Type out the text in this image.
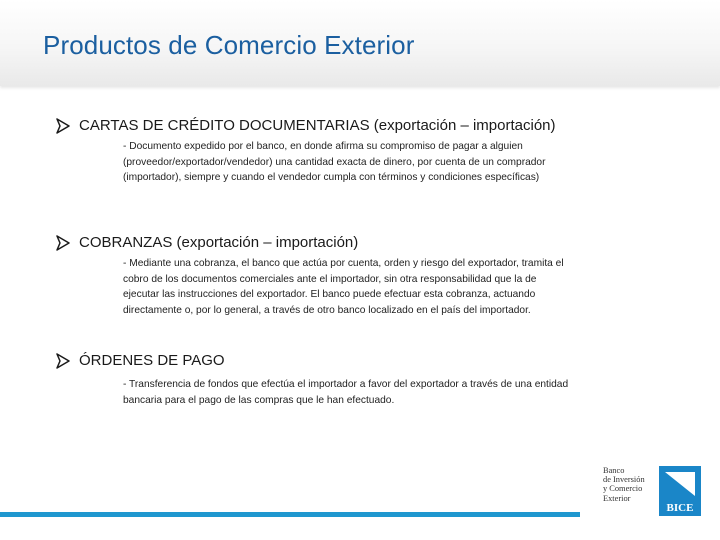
Productos de Comercio Exterior
CARTAS DE CRÉDITO DOCUMENTARIAS (exportación – importación)
- Documento expedido por el banco, en donde afirma su compromiso de pagar a alguien
(proveedor/exportador/vendedor) una cantidad exacta de dinero, por cuenta de un comprador
(importador), siempre y cuando el vendedor cumpla con términos y condiciones específicas)
COBRANZAS (exportación – importación)
- Mediante una cobranza, el banco que actúa por cuenta, orden y riesgo del exportador, tramita el
cobro de los documentos comerciales ante el importador, sin otra responsabilidad que la de
ejecutar las instrucciones del exportador. El banco puede efectuar esta cobranza, actuando
directamente o, por lo general, a través de otro banco localizado en el país del importador.
ÓRDENES DE PAGO
- Transferencia de fondos que efectúa el importador a favor del exportador a través de una entidad
bancaria para el pago de las compras que le han efectuado.
Banco
de Inversión
y Comercio
Exterior
BICE
